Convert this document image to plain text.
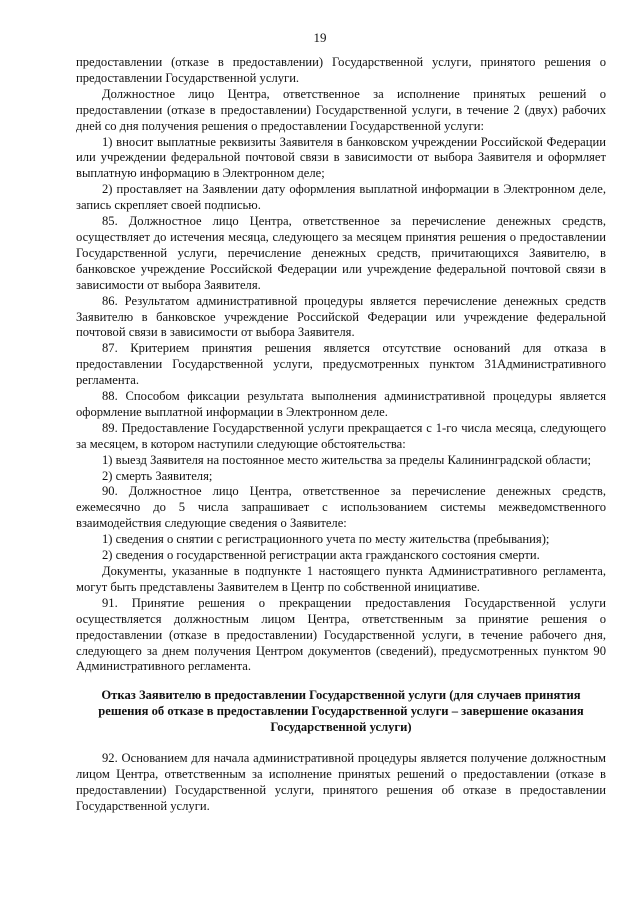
19

предоставлении (отказе в предоставлении) Государственной услуги, принятого решения о предоставлении Государственной услуги.

Должностное лицо Центра, ответственное за исполнение принятых решений о предоставлении (отказе в предоставлении) Государственной услуги, в течение 2 (двух) рабочих дней со дня получения решения о предоставлении Государственной услуги:

1) вносит выплатные реквизиты Заявителя в банковском учреждении Российской Федерации или учреждении федеральной почтовой связи в зависимости от выбора Заявителя и оформляет выплатную информацию в Электронном деле;

2) проставляет на Заявлении дату оформления выплатной информации в Электронном деле, запись скрепляет своей подписью.

85. Должностное лицо Центра, ответственное за перечисление денежных средств, осуществляет до истечения месяца, следующего за месяцем принятия решения о предоставлении Государственной услуги, перечисление денежных средств, причитающихся Заявителю, в банковское учреждение Российской Федерации или учреждение федеральной почтовой связи в зависимости от выбора Заявителя.

86. Результатом административной процедуры является перечисление денежных средств Заявителю в банковское учреждение Российской Федерации или учреждение федеральной почтовой связи в зависимости от выбора Заявителя.

87. Критерием принятия решения является отсутствие оснований для отказа в предоставлении Государственной услуги, предусмотренных пунктом 31Административного регламента.

88. Способом фиксации результата выполнения административной процедуры является оформление выплатной информации в Электронном деле.

89. Предоставление Государственной услуги прекращается с 1-го числа месяца, следующего за месяцем, в котором наступили следующие обстоятельства:

1) выезд Заявителя на постоянное место жительства за пределы Калининградской области;

2) смерть Заявителя;

90. Должностное лицо Центра, ответственное за перечисление денежных средств, ежемесячно до 5 числа запрашивает с использованием системы межведомственного взаимодействия следующие сведения о Заявителе:

1) сведения о снятии с регистрационного учета по месту жительства (пребывания);

2) сведения о государственной регистрации акта гражданского состояния смерти.

Документы, указанные в подпункте 1 настоящего пункта Административного регламента, могут быть представлены Заявителем в Центр по собственной инициативе.

91. Принятие решения о прекращении предоставления Государственной услуги осуществляется должностным лицом Центра, ответственным за принятие решения о предоставлении (отказе в предоставлении) Государственной услуги, в течение рабочего дня, следующего за днем получения Центром документов (сведений), предусмотренных пунктом 90 Административного регламента.

Отказ Заявителю в предоставлении Государственной услуги (для случаев принятия решения об отказе в предоставлении Государственной услуги – завершение оказания Государственной услуги)

92. Основанием для начала административной процедуры является получение должностным лицом Центра, ответственным за исполнение принятых решений о предоставлении (отказе в предоставлении) Государственной услуги, принятого решения об отказе в предоставлении Государственной услуги.
